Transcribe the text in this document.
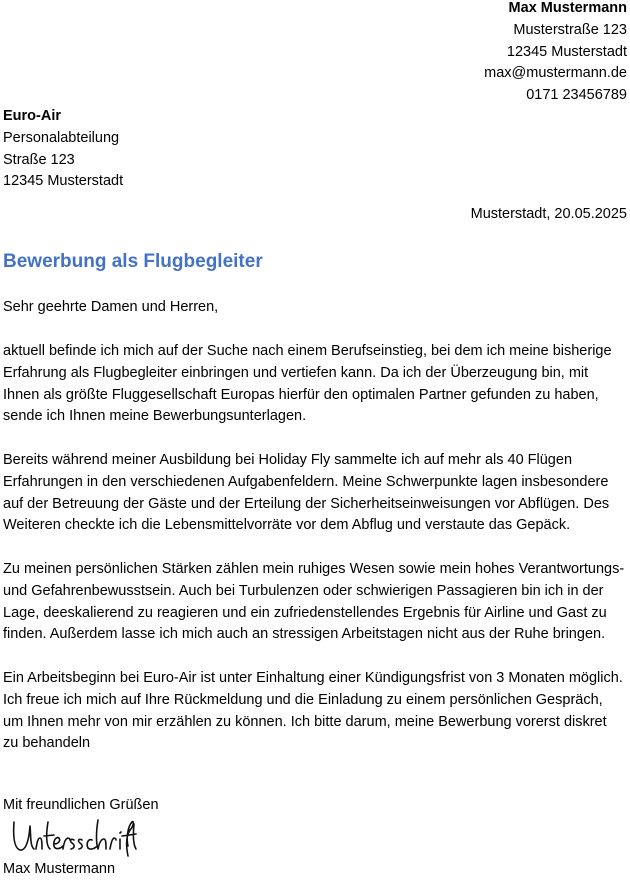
Max Mustermann
Musterstraße 123
12345 Musterstadt
max@mustermann.de
0171 23456789
Euro-Air
Personalabteilung
Straße 123
12345 Musterstadt
Musterstadt, 20.05.2025
Bewerbung als Flugbegleiter
Sehr geehrte Damen und Herren,

aktuell befinde ich mich auf der Suche nach einem Berufseinstieg, bei dem ich meine bisherige Erfahrung als Flugbegleiter einbringen und vertiefen kann. Da ich der Überzeugung bin, mit Ihnen als größte Fluggesellschaft Europas hierfür den optimalen Partner gefunden zu haben, sende ich Ihnen meine Bewerbungsunterlagen.

Bereits während meiner Ausbildung bei Holiday Fly sammelte ich auf mehr als 40 Flügen Erfahrungen in den verschiedenen Aufgabenfeldern. Meine Schwerpunkte lagen insbesondere auf der Betreuung der Gäste und der Erteilung der Sicherheitseinweisungen vor Abflügen. Des Weiteren checkte ich die Lebensmittelvorräte vor dem Abflug und verstaute das Gepäck.

Zu meinen persönlichen Stärken zählen mein ruhiges Wesen sowie mein hohes Verantwortungs- und Gefahrenbewusstsein. Auch bei Turbulenzen oder schwierigen Passagieren bin ich in der Lage, deeskalierend zu reagieren und ein zufriedenstellendes Ergebnis für Airline und Gast zu finden. Außerdem lasse ich mich auch an stressigen Arbeitstagen nicht aus der Ruhe bringen.

Ein Arbeitsbeginn bei Euro-Air ist unter Einhaltung einer Kündigungsfrist von 3 Monaten möglich. Ich freue ich mich auf Ihre Rückmeldung und die Einladung zu einem persönlichen Gespräch, um Ihnen mehr von mir erzählen zu können. Ich bitte darum, meine Bewerbung vorerst diskret zu behandeln

Mit freundlichen Grüßen
Max Mustermann
